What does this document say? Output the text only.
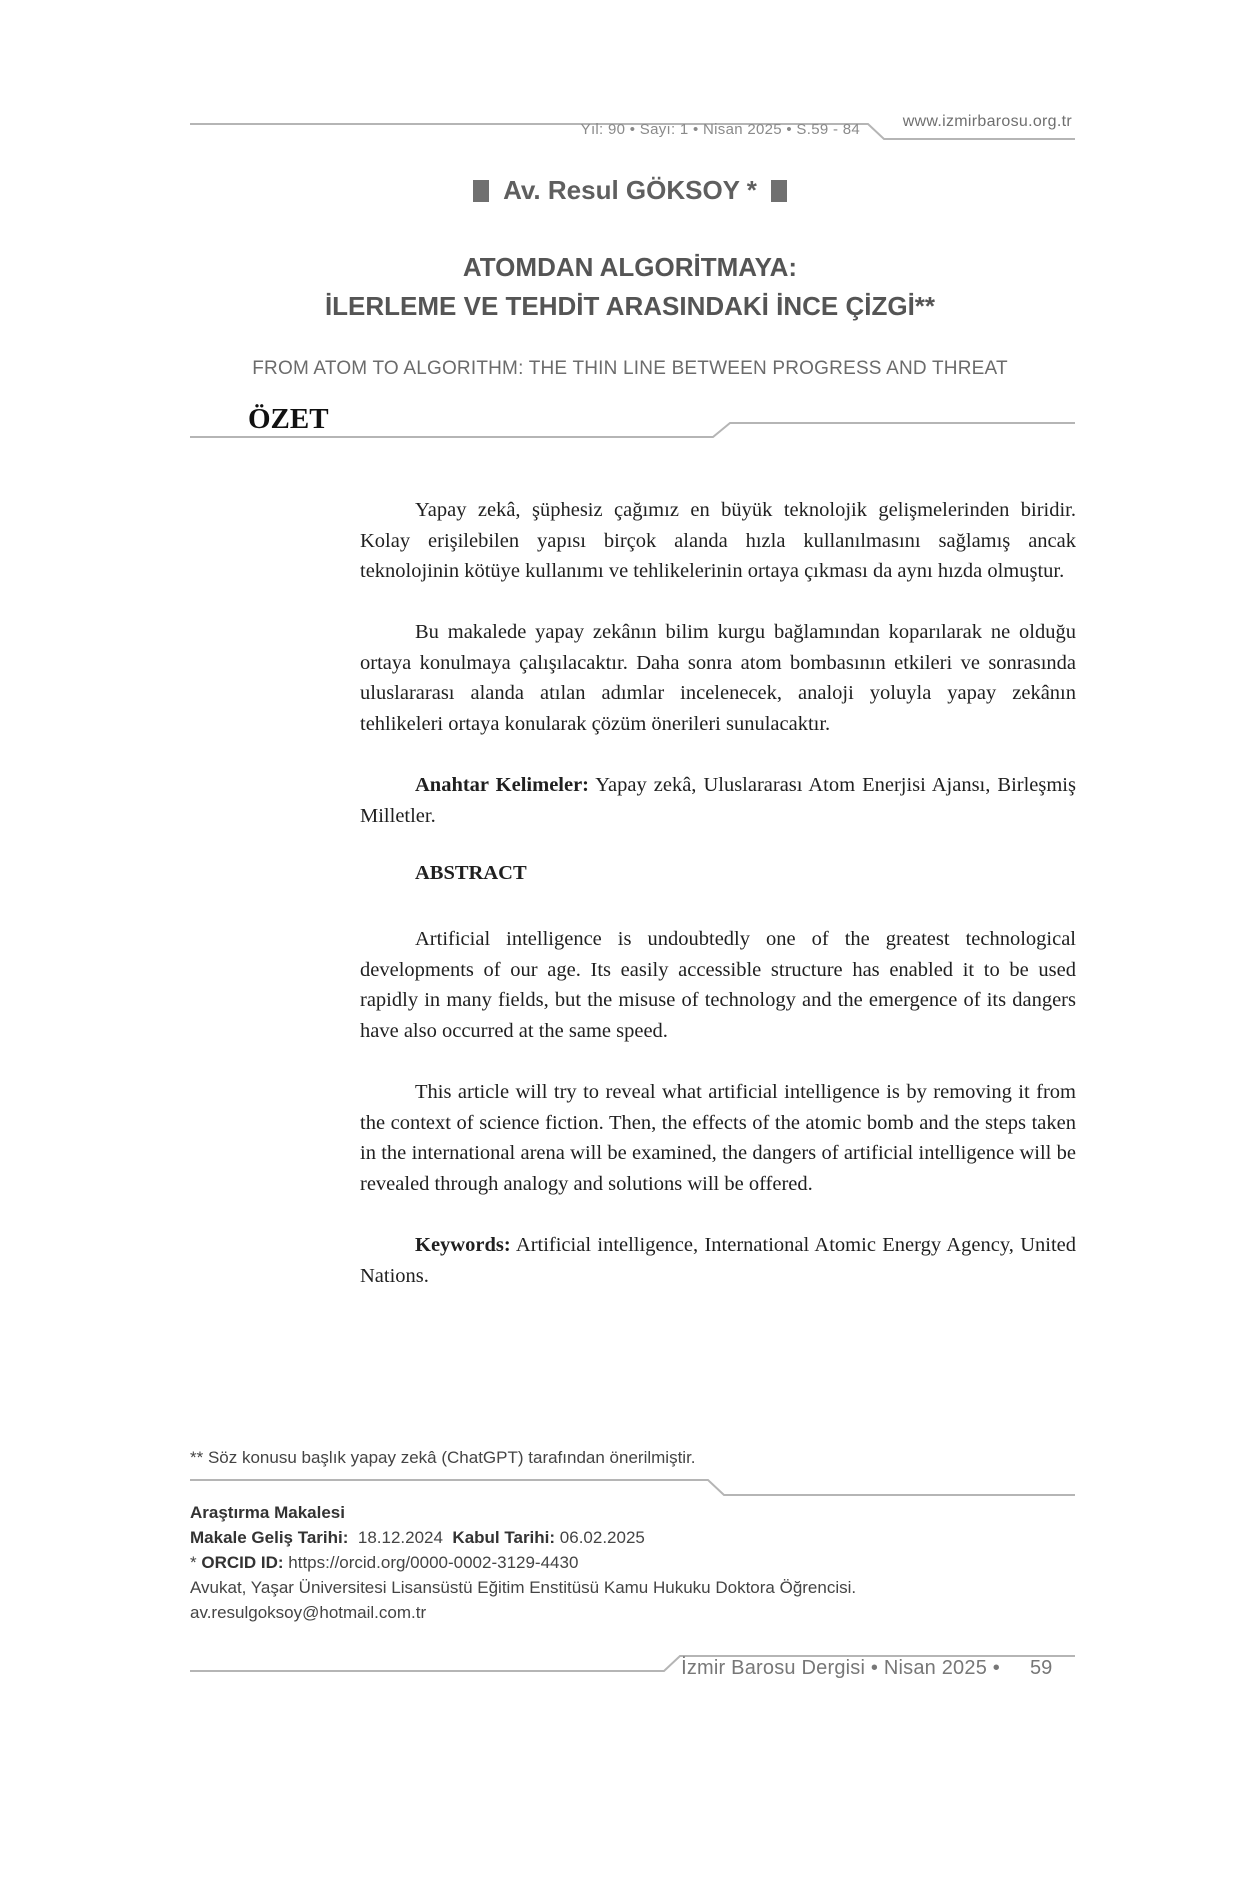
Yıl: 90 • Sayı: 1 • Nisan 2025 • S.59 - 84	www.izmirbarosu.org.tr
Av. Resul GÖKSOY *
ATOMDAN ALGORİTMAYA:
İLERLEME VE TEHDİT ARASINDAKİ İNCE ÇİZGİ**
FROM ATOM TO ALGORITHM: THE THIN LINE BETWEEN PROGRESS AND THREAT
ÖZET
Yapay zekâ, şüphesiz çağımız en büyük teknolojik gelişmelerinden biridir. Kolay erişilebilen yapısı birçok alanda hızla kullanılmasını sağlamış ancak teknolojinin kötüye kullanımı ve tehlikelerinin ortaya çıkması da aynı hızda olmuştur.
Bu makalede yapay zekânın bilim kurgu bağlamından koparılarak ne olduğu ortaya konulmaya çalışılacaktır. Daha sonra atom bombasının etkileri ve sonrasında uluslararası alanda atılan adımlar incelenecek, analoji yoluyla yapay zekânın tehlikeleri ortaya konularak çözüm önerileri sunulacaktır.
Anahtar Kelimeler: Yapay zekâ, Uluslararası Atom Enerjisi Ajansı, Birleşmiş Milletler.
ABSTRACT
Artificial intelligence is undoubtedly one of the greatest technological developments of our age. Its easily accessible structure has enabled it to be used rapidly in many fields, but the misuse of technology and the emergence of its dangers have also occurred at the same speed.
This article will try to reveal what artificial intelligence is by removing it from the context of science fiction. Then, the effects of the atomic bomb and the steps taken in the international arena will be examined, the dangers of artificial intelligence will be revealed through analogy and solutions will be offered.
Keywords: Artificial intelligence, International Atomic Energy Agency, United Nations.
** Söz konusu başlık yapay zekâ (ChatGPT) tarafından önerilmiştir.
Araştırma Makalesi
Makale Geliş Tarihi: 18.12.2024 Kabul Tarihi: 06.02.2025
* ORCID ID: https://orcid.org/0000-0002-3129-4430
Avukat, Yaşar Üniversitesi Lisansüstü Eğitim Enstitüsü Kamu Hukuku Doktora Öğrencisi.
av.resulgoksoy@hotmail.com.tr
İzmir Barosu Dergisi • Nisan 2025 • 59
